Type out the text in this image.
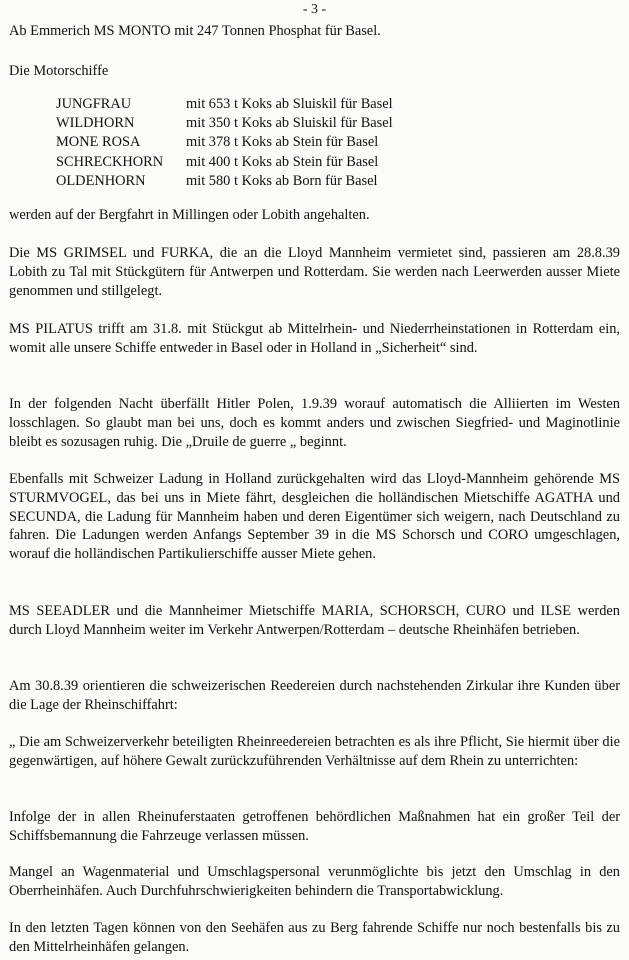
- 3 -
Ab Emmerich MS MONTO mit 247 Tonnen Phosphat für Basel.
Die Motorschiffe
JUNGFRAU	mit 653 t Koks ab Sluiskil für Basel
WILDHORN	mit 350 t Koks ab Sluiskil für Basel
MONE ROSA	mit 378 t Koks ab Stein für Basel
SCHRECKHORN	mit 400 t Koks ab Stein für Basel
OLDENHORN	mit 580 t Koks ab Born für Basel
werden auf der Bergfahrt in Millingen oder Lobith angehalten.
Die MS GRIMSEL und FURKA, die an die Lloyd Mannheim vermietet sind, passieren am 28.8.39 Lobith zu Tal mit Stückgütern für Antwerpen und Rotterdam. Sie werden nach Leerwerden ausser Miete genommen und stillgelegt.
MS PILATUS trifft am 31.8. mit Stückgut ab Mittelrhein- und Niederrheinstationen in Rotterdam ein, womit alle unsere Schiffe entweder in Basel oder in Holland in „Sicherheit“ sind.
In der folgenden Nacht überfällt Hitler Polen, 1.9.39 worauf automatisch die Alliierten im Westen losschlagen. So glaubt man bei uns, doch es kommt anders und zwischen Siegfried- und Maginotlinie bleibt es sozusagen ruhig. Die „Druile de guerre „ beginnt.
Ebenfalls mit Schweizer Ladung in Holland zurückgehalten wird das Lloyd-Mannheim gehörende MS STURMVOGEL, das bei uns in Miete fährt, desgleichen die holländischen Mietschiffe AGATHA und SECUNDA, die Ladung für Mannheim haben und deren Eigentümer sich weigern, nach Deutschland zu fahren. Die Ladungen werden Anfangs September 39 in die MS Schorsch und CORO umgeschlagen, worauf die holländischen Partikulierschiffe ausser Miete gehen.
MS SEEADLER und die Mannheimer Mietschiffe MARIA, SCHORSCH, CURO und ILSE werden durch Lloyd Mannheim weiter im Verkehr Antwerpen/Rotterdam – deutsche Rheinhäfen betrieben.
Am 30.8.39 orientieren die schweizerischen Reedereien durch nachstehenden Zirkular ihre Kunden über die Lage der Rheinschiffahrt:
„ Die am Schweizerverkehr beteiligten Rheinreedereien betrachten es als ihre Pflicht, Sie hiermit über die gegenwärtigen, auf höhere Gewalt zurückzuführenden Verhältnisse auf dem Rhein zu unterrichten:
Infolge der in allen Rheinuferstaaten getroffenen behördlichen Maßnahmen hat ein großer Teil der Schiffsbemannung die Fahrzeuge verlassen müssen.
Mangel an Wagenmaterial und Umschlagspersonal verunmöglichte bis jetzt den Umschlag in den Oberrheinhäfen. Auch Durchfuhrschwierigkeiten behindern die Transportabwicklung.
In den letzten Tagen können von den Seehäfen aus zu Berg fahrende Schiffe nur noch bestenfalls bis zu den Mittelrheinhäfen gelangen.
